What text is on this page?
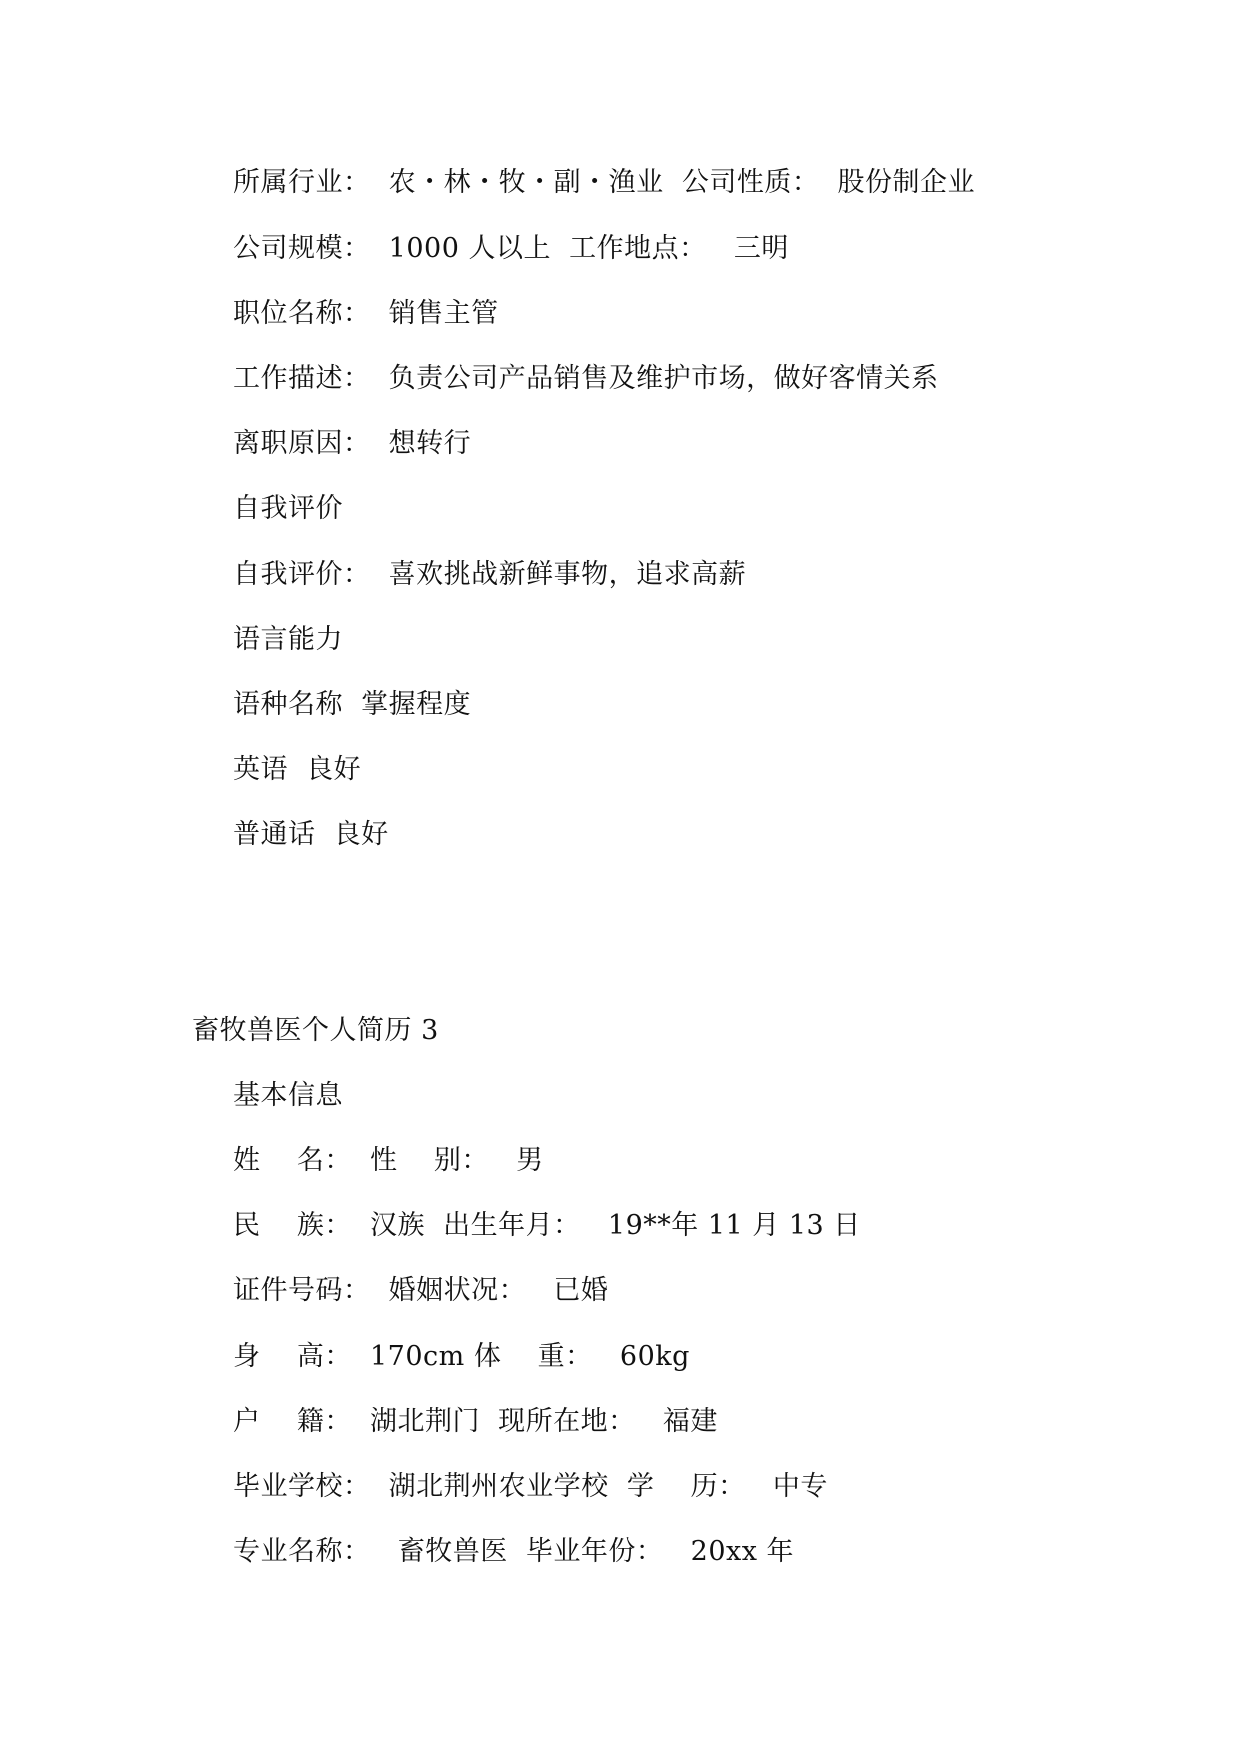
所属行业：  农・林・牧・副・渔业  公司性质：  股份制企业
公司规模：  1000 人以上  工作地点：   三明
职位名称：  销售主管
工作描述：  负责公司产品销售及维护市场，做好客情关系
离职原因：  想转行
自我评价
自我评价：  喜欢挑战新鲜事物，追求高薪
语言能力
语种名称  掌握程度
英语  良好
普通话  良好
畜牧兽医个人简历 3
基本信息
姓    名：  性    别：   男
民    族：  汉族  出生年月：   19**年 11 月 13 日
证件号码：  婚姻状况：   已婚
身    高：  170cm 体    重：   60kg
户    籍：  湖北荆门  现所在地：   福建
毕业学校：  湖北荆州农业学校  学    历：   中专
专业名称：   畜牧兽医  毕业年份：   20xx 年
